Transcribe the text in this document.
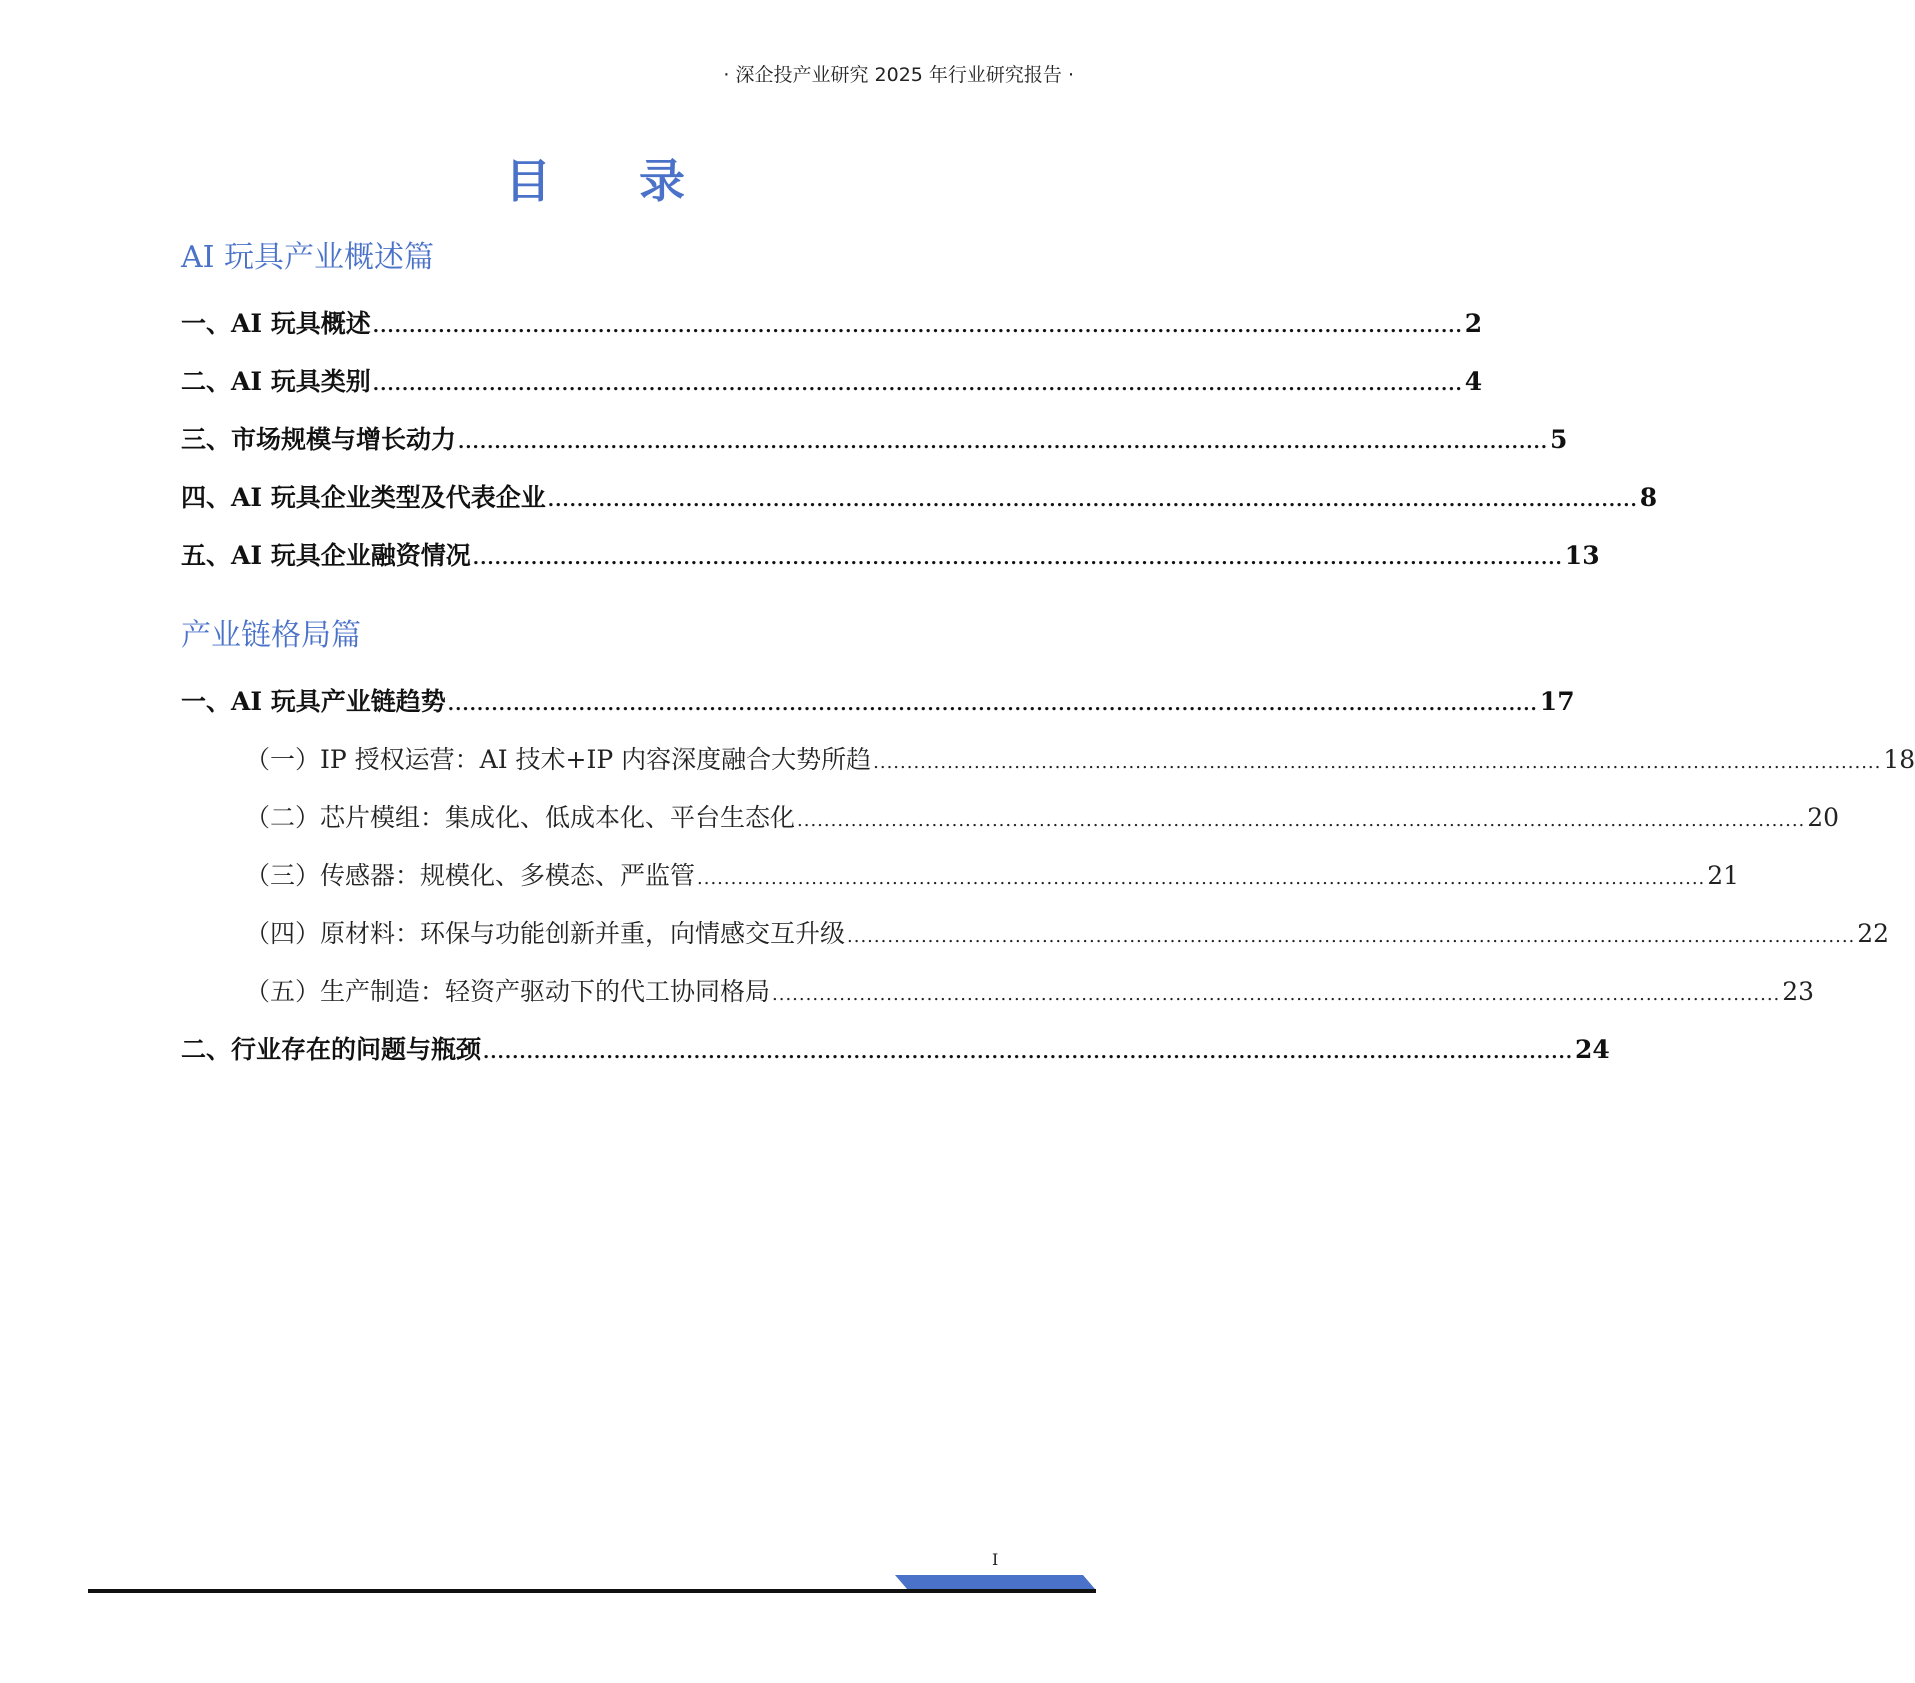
· 深企投产业研究 2025 年行业研究报告 ·
目 录
AI 玩具产业概述篇
一、AI 玩具概述 ...................................................................................................................................................... 2
二、AI 玩具类别 ...................................................................................................................................................... 4
三、市场规模与增长动力 ...................................................................................................................................................... 5
四、AI 玩具企业类型及代表企业 ...................................................................................................................................................... 8
五、AI 玩具企业融资情况 ...................................................................................................................................................... 13
产业链格局篇
一、AI 玩具产业链趋势 ...................................................................................................................................................... 17
（一）IP 授权运营：AI 技术+IP 内容深度融合大势所趋 ...................................................................................................................................................... 18
（二）芯片模组：集成化、低成本化、平台生态化 ...................................................................................................................................................... 20
（三）传感器：规模化、多模态、严监管 ...................................................................................................................................................... 21
（四）原材料：环保与功能创新并重，向情感交互升级 ...................................................................................................................................................... 22
（五）生产制造：轻资产驱动下的代工协同格局 ...................................................................................................................................................... 23
二、行业存在的问题与瓶颈 ...................................................................................................................................................... 24
I
